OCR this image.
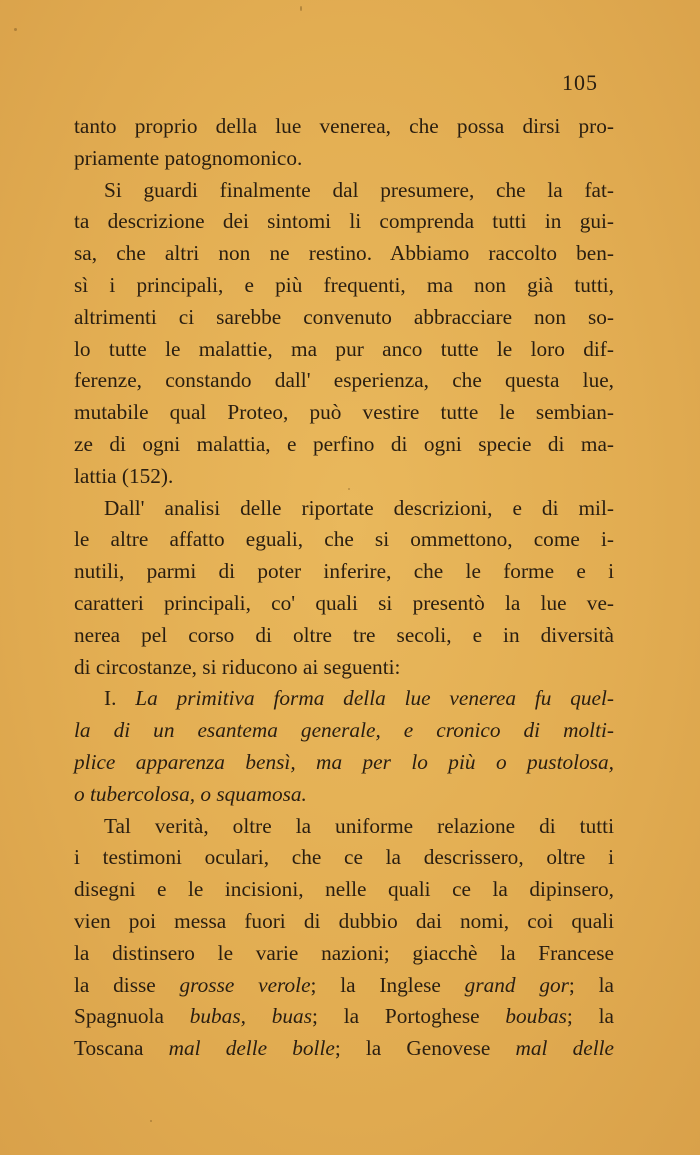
105
tanto proprio della lue venerea, che possa dirsi pro-
priamente patognomonico.
Si guardi finalmente dal presumere, che la fat-
ta descrizione dei sintomi li comprenda tutti in gui-
sa, che altri non ne restino. Abbiamo raccolto ben-
sì i principali, e più frequenti, ma non già tutti,
altrimenti ci sarebbe convenuto abbracciare non so-
lo tutte le malattie, ma pur anco tutte le loro dif-
ferenze, constando dall' esperienza, che questa lue,
mutabile qual Proteo, può vestire tutte le sembian-
ze di ogni malattia, e perfino di ogni specie di ma-
lattia (152).
Dall' analisi delle riportate descrizioni, e di mil-
le altre affatto eguali, che si ommettono, come i-
nutili, parmi di poter inferire, che le forme e i
caratteri principali, co' quali si presentò la lue ve-
nerea pel corso di oltre tre secoli, e in diversità
di circostanze, si riducono ai seguenti:
I. La primitiva forma della lue venerea fu quel-
la di un esantema generale, e cronico di molti-
plice apparenza bensì, ma per lo più o pustolosa,
o tubercolosa, o squamosa.
Tal verità, oltre la uniforme relazione di tutti
i testimoni oculari, che ce la descrissero, oltre i
disegni e le incisioni, nelle quali ce la dipinsero,
vien poi messa fuori di dubbio dai nomi, coi quali
la distinsero le varie nazioni; giacchè la Francese
la disse grosse verole; la Inglese grand gor; la
Spagnuola bubas, buas; la Portoghese boubas; la
Toscana mal delle bolle; la Genovese mal delle
